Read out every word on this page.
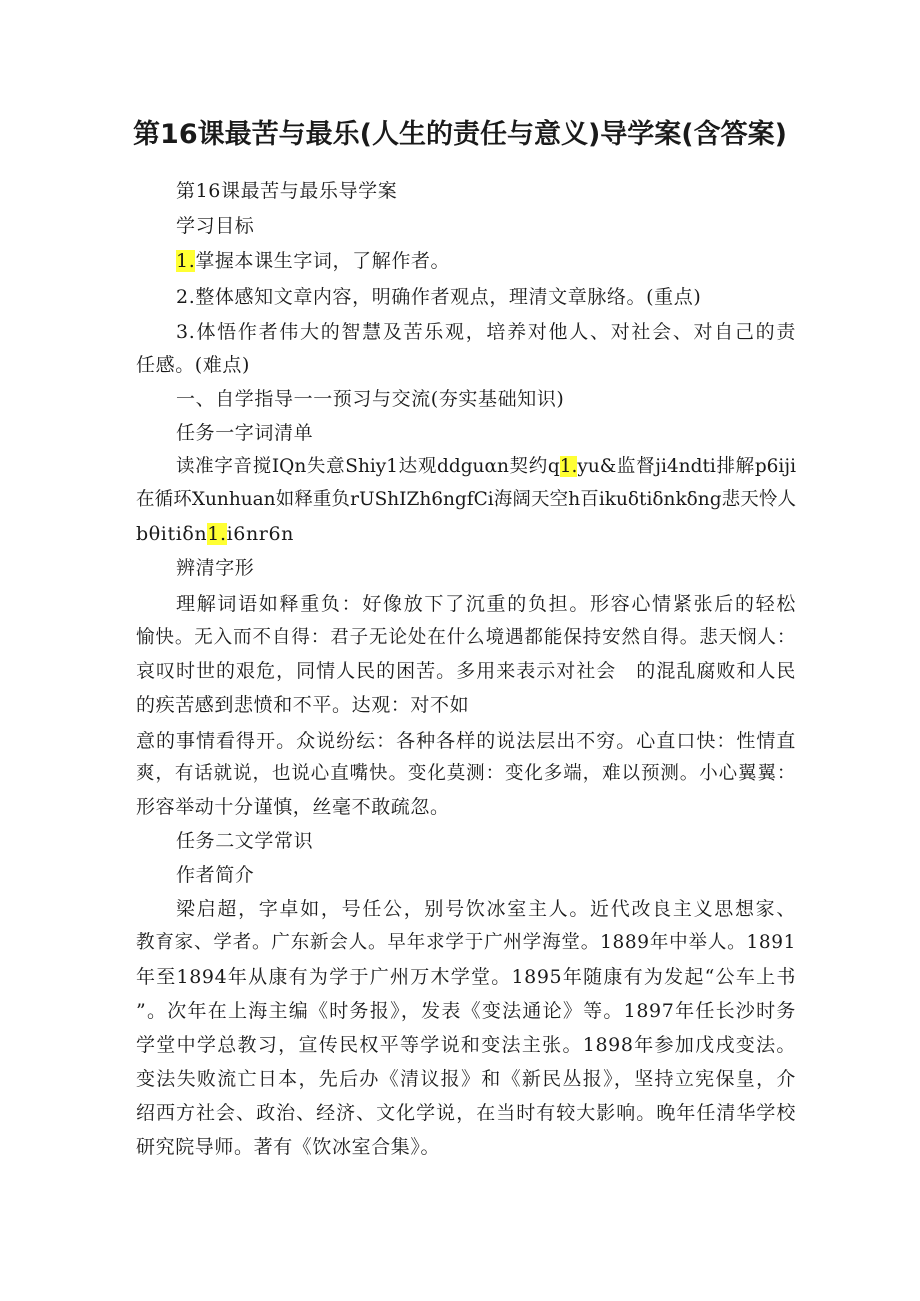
第16课最苦与最乐(人生的责任与意义)导学案(含答案)
第16课最苦与最乐导学案
学习目标
1.掌握本课生字词，了解作者。
2.整体感知文章内容，明确作者观点，理清文章脉络。(重点)
3.体悟作者伟大的智慧及苦乐观，培养对他人、对社会、对自己的责
任感。(难点)
一、自学指导一一预习与交流(夯实基础知识)
任务一字词清单
读准字音搅IQn失意Shiy1达观ddguαn契约q1.yu&监督ji4ndti排解p6iji
在循环Xunhuan如释重负rUShIZh6ngfCi海阔天空h百ikuδtiδnkδng悲天怜人
bθitiδn1.i6nr6n
辨清字形
理解词语如释重负：好像放下了沉重的负担。形容心情紧张后的轻松
愉快。无入而不自得：君子无论处在什么境遇都能保持安然自得。悲天悯人：
哀叹时世的艰危，同情人民的困苦。多用来表示对社会　的混乱腐败和人民
的疾苦感到悲愤和不平。达观：对不如
意的事情看得开。众说纷纭：各种各样的说法层出不穷。心直口快：性情直
爽，有话就说，也说心直嘴快。变化莫测：变化多端，难以预测。小心翼翼：
形容举动十分谨慎，丝毫不敢疏忽。
任务二文学常识
作者简介
梁启超，字卓如，号任公，别号饮冰室主人。近代改良主义思想家、
教育家、学者。广东新会人。早年求学于广州学海堂。1889年中举人。1891
年至1894年从康有为学于广州万木学堂。1895年随康有为发起“公车上书
”。次年在上海主编《时务报》，发表《变法通论》等。1897年任长沙时务
学堂中学总教习，宣传民权平等学说和变法主张。1898年参加戊戌变法。
变法失败流亡日本，先后办《清议报》和《新民丛报》，坚持立宪保皇，介
绍西方社会、政治、经济、文化学说，在当时有较大影响。晚年任清华学校
研究院导师。著有《饮冰室合集》。
